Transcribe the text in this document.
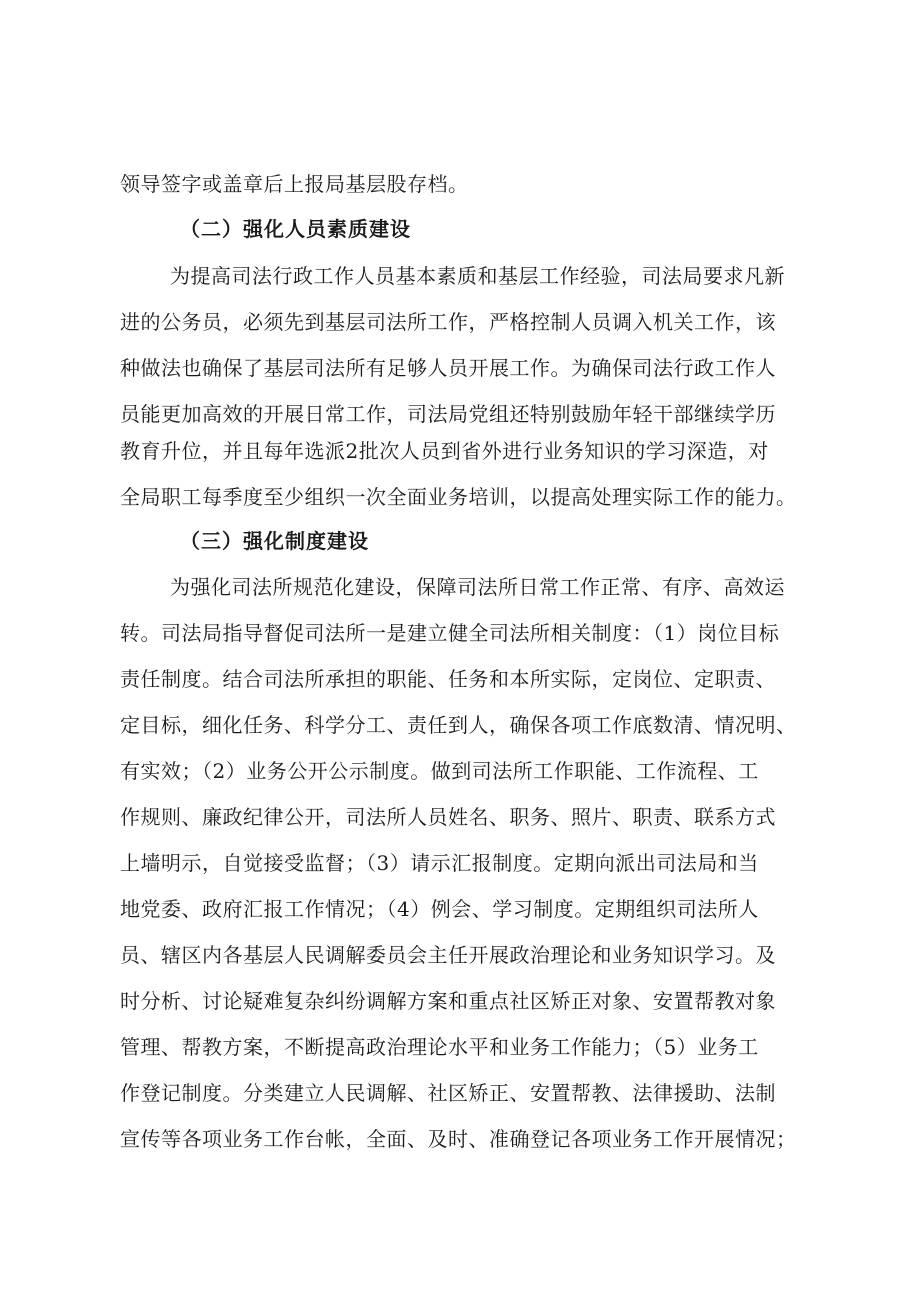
领导签字或盖章后上报局基层股存档。
（二）强化人员素质建设
为提高司法行政工作人员基本素质和基层工作经验，司法局要求凡新
进的公务员，必须先到基层司法所工作，严格控制人员调入机关工作，该
种做法也确保了基层司法所有足够人员开展工作。为确保司法行政工作人
员能更加高效的开展日常工作，司法局党组还特别鼓励年轻干部继续学历
教育升位，并且每年选派2批次人员到省外进行业务知识的学习深造，对
全局职工每季度至少组织一次全面业务培训，以提高处理实际工作的能力。
（三）强化制度建设
为强化司法所规范化建设，保障司法所日常工作正常、有序、高效运
转。司法局指导督促司法所一是建立健全司法所相关制度：（1）岗位目标
责任制度。结合司法所承担的职能、任务和本所实际，定岗位、定职责、
定目标，细化任务、科学分工、责任到人，确保各项工作底数清、情况明、
有实效；（2）业务公开公示制度。做到司法所工作职能、工作流程、工
作规则、廉政纪律公开，司法所人员姓名、职务、照片、职责、联系方式
上墙明示，自觉接受监督；（3）请示汇报制度。定期向派出司法局和当
地党委、政府汇报工作情况；（4）例会、学习制度。定期组织司法所人
员、辖区内各基层人民调解委员会主任开展政治理论和业务知识学习。及
时分析、讨论疑难复杂纠纷调解方案和重点社区矫正对象、安置帮教对象
管理、帮教方案，不断提高政治理论水平和业务工作能力；（5）业务工
作登记制度。分类建立人民调解、社区矫正、安置帮教、法律援助、法制
宣传等各项业务工作台帐，全面、及时、准确登记各项业务工作开展情况；
